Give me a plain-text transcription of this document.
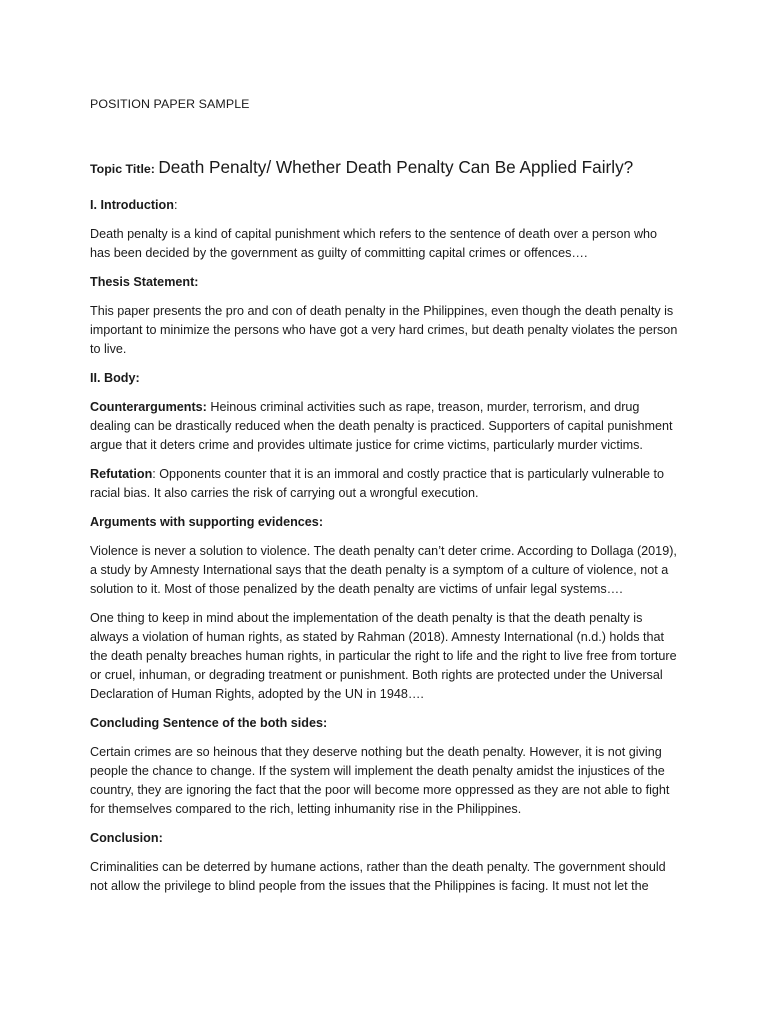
POSITION PAPER SAMPLE

Topic Title: Death Penalty/ Whether Death Penalty Can Be Applied Fairly?

I. Introduction:

Death penalty is a kind of capital punishment which refers to the sentence of death over a person who has been decided by the government as guilty of committing capital crimes or offences….

Thesis Statement:

This paper presents the pro and con of death penalty in the Philippines, even though the death penalty is important to minimize the persons who have got a very hard crimes, but death penalty violates the person to live.

II. Body:

Counterarguments: Heinous criminal activities such as rape, treason, murder, terrorism, and drug dealing can be drastically reduced when the death penalty is practiced. Supporters of capital punishment argue that it deters crime and provides ultimate justice for crime victims, particularly murder victims.

Refutation: Opponents counter that it is an immoral and costly practice that is particularly vulnerable to racial bias. It also carries the risk of carrying out a wrongful execution.

Arguments with supporting evidences:

Violence is never a solution to violence. The death penalty can’t deter crime. According to Dollaga (2019), a study by Amnesty International says that the death penalty is a symptom of a culture of violence, not a solution to it. Most of those penalized by the death penalty are victims of unfair legal systems….

One thing to keep in mind about the implementation of the death penalty is that the death penalty is always a violation of human rights, as stated by Rahman (2018). Amnesty International (n.d.) holds that the death penalty breaches human rights, in particular the right to life and the right to live free from torture or cruel, inhuman, or degrading treatment or punishment. Both rights are protected under the Universal Declaration of Human Rights, adopted by the UN in 1948….

Concluding Sentence of the both sides:

Certain crimes are so heinous that they deserve nothing but the death penalty. However, it is not giving people the chance to change. If the system will implement the death penalty amidst the injustices of the country, they are ignoring the fact that the poor will become more oppressed as they are not able to fight for themselves compared to the rich, letting inhumanity rise in the Philippines.

Conclusion:

Criminalities can be deterred by humane actions, rather than the death penalty. The government should not allow the privilege to blind people from the issues that the Philippines is facing. It must not let the
